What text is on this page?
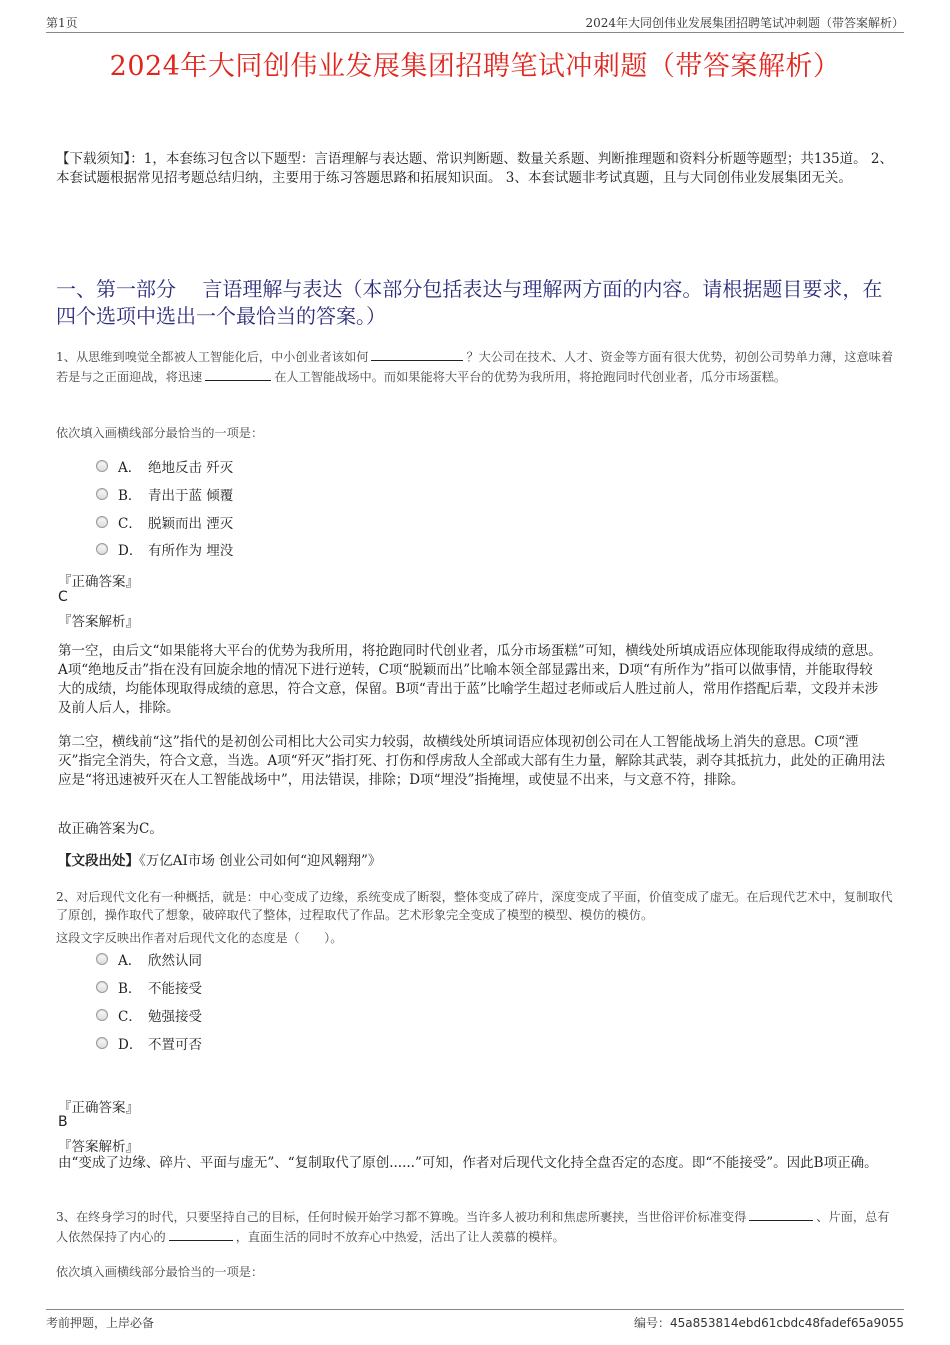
第1页	2024年大同创伟业发展集团招聘笔试冲刺题（带答案解析）
2024年大同创伟业发展集团招聘笔试冲刺题（带答案解析）
【下载须知】：1，本套练习包含以下题型：言语理解与表达题、常识判断题、数量关系题、判断推理题和资料分析题等题型；共135道。 2、本套试题根据常见招考题总结归纳，主要用于练习答题思路和拓展知识面。 3、本套试题非考试真题，且与大同创伟业发展集团无关。
一、第一部分　 言语理解与表达（本部分包括表达与理解两方面的内容。请根据题目要求，在四个选项中选出一个最恰当的答案。）
1、从思维到嗅觉全都被人工智能化后，中小创业者该如何	？大公司在技术、人才、资金等方面有很大优势，初创公司势单力薄，这意味着若是与之正面迎战，将迅速	在人工智能战场中。而如果能将大平台的优势为我所用，将抢跑同时代创业者，瓜分市场蛋糕。
依次填入画横线部分最恰当的一项是：
A． 绝地反击 歼灭
B． 青出于蓝 倾覆
C． 脱颖而出 湮灭
D． 有所作为 埋没
『正确答案』
C
『答案解析』
第一空，由后文“如果能将大平台的优势为我所用，将抢跑同时代创业者，瓜分市场蛋糕”可知，横线处所填成语应体现能取得成绩的意思。A项“绝地反击”指在没有回旋余地的情况下进行逆转，C项“脱颖而出”比喻本领全部显露出来，D项“有所作为”指可以做事情，并能取得较大的成绩，均能体现取得成绩的意思，符合文意，保留。B项“青出于蓝”比喻学生超过老师或后人胜过前人，常用作搭配后辈，文段并未涉及前人后人，排除。
第二空，横线前“这”指代的是初创公司相比大公司实力较弱，故横线处所填词语应体现初创公司在人工智能战场上消失的意思。C项“湮灭”指完全消失，符合文意，当选。A项“歼灭”指打死、打伤和俘虏敌人全部或大部有生力量，解除其武装，剥夺其抵抗力，此处的正确用法应是“将迅速被歼灭在人工智能战场中”，用法错误，排除；D项“埋没”指掩埋，或使显不出来，与文意不符，排除。
故正确答案为C。
【文段出处】《万亿AI市场 创业公司如何“迎风翱翔”》
2、对后现代文化有一种概括，就是：中心变成了边缘，系统变成了断裂，整体变成了碎片，深度变成了平面，价值变成了虚无。在后现代艺术中，复制取代了原创，操作取代了想象，破碎取代了整体，过程取代了作品。艺术形象完全变成了模型的模型、模仿的模仿。
这段文字反映出作者对后现代文化的态度是（　　）。
A． 欣然认同
B． 不能接受
C． 勉强接受
D． 不置可否
『正确答案』
B
『答案解析』
由“变成了边缘、碎片、平面与虚无”、“复制取代了原创......”可知，作者对后现代文化持全盘否定的态度。即“不能接受”。因此B项正确。
3、在终身学习的时代，只要坚持自己的目标，任何时候开始学习都不算晚。当许多人被功利和焦虑所裹挟，当世俗评价标准变得	、片面，总有人依然保持了内心的	，直面生活的同时不放弃心中热爱，活出了让人羡慕的模样。
依次填入画横线部分最恰当的一项是：
考前押题，上岸必备	编号：45a853814ebd61cbdc48fadef65a9055
